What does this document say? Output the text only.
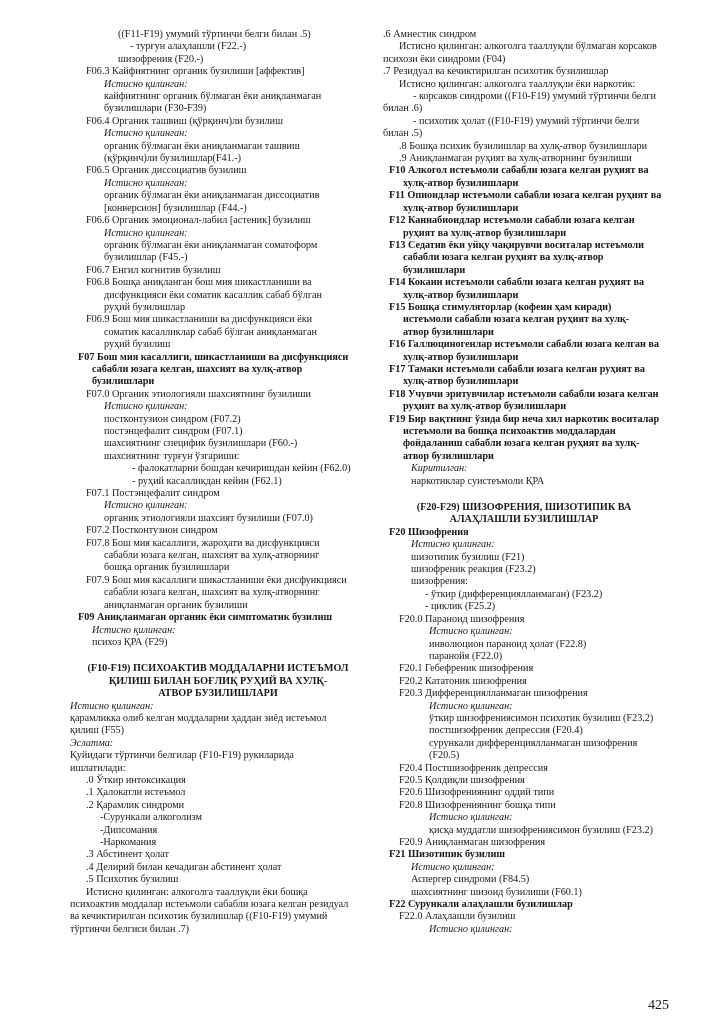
((F11-F19) умумий тўртинчи белги билан .5)

- турғун алаҳлашли (F22.-)

шизофрения (F20.-)

F06.3 Кайфиятнинг органик бузилиши [аффектив]

Истисно қилинган:

кайфиятнинг органик бўлмаган ёки аниқланмаган

бузилишлари (F30-F39)

F06.4 Органик ташвиш (қўрқинч)ли бузилиш

Истисно қилинган:

органик бўлмаган ёки аниқланмаган ташвиш

(қўрқинч)ли бузилишлар(F41.-)

F06.5 Органик диссоциатив бузилиш

Истисно қилинган:

органик бўлмаган ёки аниқланмаган диссоциатив

[конверсион] бузилишлар (F44.-)

F06.6 Органик эмоционал-лабил [астеник] бузилиш

Истисно қилинган:

органик бўлмаган ёки аниқланмаган соматоформ

бузилишлар (F45.-)

F06.7 Енгил когнитив бузилиш

F06.8 Бошқа аниқланган бош мия шикастланиши ва

дисфункцияси ёки соматик касаллик сабаб бўлган

руҳий бузилишлар

F06.9 Бош мия шикастланиши ва дисфункцияси ёки

соматик касалликлар сабаб бўлган аниқланмаган

руҳий бузилиш

F07 Бош мия касаллиги, шикастланиши ва дисфункцияси

сабабли юзага келган, шахсият ва хулқ-атвор

бузилишлари

F07.0 Органик этиологияли шахсиятнинг бузилиши

Истисно қилинган:

постконтузион синдром (F07.2)

постэнцефалит синдром (F07.1)

шахсиятнинг специфик бузилишлари (F60.-)

шахсиятнинг турғун ўзгариши:

- фалокатларни бошдан кечиришдан кейин (F62.0)

- руҳий касалликдан кейин (F62.1)

F07.1 Постэнцефалит синдром

Истисно қилинган:

органик этиологияли шахсият бузилиши (F07.0)

F07.2 Постконтузион синдром

F07.8 Бош мия касаллиги, жароҳати ва дисфункцияси

сабабли юзага келган, шахсият ва хулқ-атворнинг

бошқа органик бузилишлари

F07.9 Бош мия касаллиги шикастланиши ёки дисфункцияси

сабабли юзага келган, шахсият ва хулқ-атворнинг

аниқланмаган органик бузилиши

F09 Аниқланмаган органик ёки симптоматик бузилиш

Истисно қилинган:

психоз ҚРА (F29)

(F10-F19) ПСИХОАКТИВ МОДДАЛАРНИ ИСТЕЪМОЛ

ҚИЛИШ БИЛАН БОҒЛИҚ РУҲИЙ ВА ХУЛҚ-

АТВОР БУЗИЛИШЛАРИ

Истисно қилинган:

қарамликка олиб келган моддаларни ҳаддан зиёд истеъмол

қилиш (F55)

Эслатма:

Қуйидаги тўртинчи белгилар (F10-F19) рукнларида

ишлатилади:

.0 Ўткир интоксикация

.1 Ҳалокатли истеъмол

.2 Қарамлик синдроми

-Сурункали алкоголизм

-Дипсомания

-Наркомания

.3 Абстинент ҳолат

.4 Делирий билан кечадиган абстинент ҳолат

.5 Психотик бузилиш

Истисно қилинган: алкоголга тааллуқли ёки бошқа

психоактив моддалар истеъмоли сабабли юзага келган резидуал

ва кечиктирилган психотик бузилишлар ((F10-F19) умумий

тўртинчи белгиси билан .7)

.6 Амнестик синдром

Истисно қилинган: алкоголга тааллуқли бўлмаган корсаков

психози ёки синдроми (F04)

.7 Резидуал ва кечиктирилган психотик бузилишлар

Истисно қилинган: алкоголга тааллуқли ёки наркотик:

- корсаков синдроми ((F10-F19) умумий тўртинчи белги

билан .6)

- психотик ҳолат ((F10-F19) умумий тўртинчи белги

билан .5)

.8 Бошқа психик бузилишлар ва хулқ-атвор бузилишлари

.9 Аниқланмаган руҳият ва хулқ-атворнинг бузилиши

F10 Алкогол истеъмоли сабабли юзага келган руҳият ва

хулқ-атвор бузилишлари

F11 Опиоидлар истеъмоли сабабли юзага келган руҳият ва

хулқ-атвор бузилишлари

F12 Каннабиоидлар истеъмоли сабабли юзага келган

руҳият ва хулқ-атвор бузилишлари

F13 Седатив ёки уйқу чақирувчи воситалар истеъмоли

сабабли юзага келган руҳият ва хулқ-атвор

бузилишлари

F14 Кокаин истеъмоли сабабли юзага келган руҳият ва

хулқ-атвор бузилишлари

F15 Бошқа стимуляторлар (кофеин ҳам киради)

истеъмоли сабабли юзага келган руҳият ва хулқ-

атвор бузилишлари

F16 Галлюциногенлар истеъмоли сабабли юзага келган ва

хулқ-атвор бузилишлари

F17 Тамаки истеъмоли сабабли юзага келган руҳият ва

хулқ-атвор бузилишлари

F18 Учувчи эритувчилар истеъмоли сабабли юзага келган

руҳият ва хулқ-атвор бузилишлари

F19 Бир вақтнинг ўзида бир неча хил наркотик воситалар

истеъмоли ва бошқа психоактив моддалардан

фойдаланиш сабабли юзага келган руҳият ва хулқ-

атвор бузилишлари

Киритилган:

наркотиклар суистеъмоли ҚРА

(F20-F29) ШИЗОФРЕНИЯ, ШИЗОТИПИК ВА

АЛАҲЛАШЛИ БУЗИЛИШЛАР

F20 Шизофрения

Истисно қилинган:

шизотипик бузилиш (F21)

шизофреник реакция (F23.2)

шизофрения:

- ўткир (дифференциялланмаган) (F23.2)

- циклик (F25.2)

F20.0 Параноид шизофрения

Истисно қилинган:

инволюцион параноид ҳолат (F22.8)

паранойя (F22.0)

F20.1 Гебефреник шизофрения

F20.2 Кататоник шизофрения

F20.3 Дифференциялланмаган шизофрения

Истисно қилинган:

ўткир шизофрениясимон психотик бузилиш (F23.2)

постшизофреник депрессия (F20.4)

сурункали дифференциялланмаган шизофрения

(F20.5)

F20.4 Постшизофреник депрессия

F20.5 Қолдиқли шизофрения

F20.6 Шизофрениянинг оддий типи

F20.8 Шизофрениянинг бошқа типи

Истисно қилинган:

қисқа муддатли шизофрениясимон бузилиш (F23.2)

F20.9 Аниқланмаган шизофрения

F21 Шизотипик бузилиш

Истисно қилинган:

Аспергер синдроми (F84.5)

шахсиятнинг шизоид бузилиши (F60.1)

F22 Сурункали алаҳлашли бузилишлар

F22.0 Алаҳлашли бузилиш

Истисно қилинган:

425
